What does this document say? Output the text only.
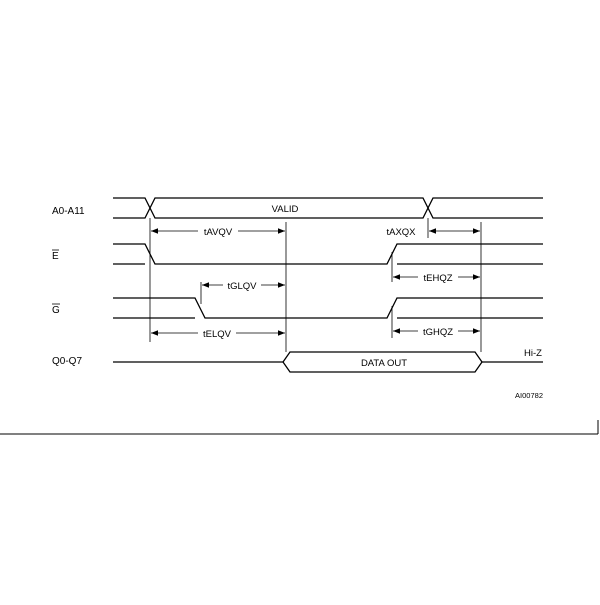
A0-A11
E
G
Q0-Q7
VALID
DATA OUT
Hi-Z
tAVQV	tAXQX
tGLQV
tEHQZ
tELQV	tGHQZ
AI00782
